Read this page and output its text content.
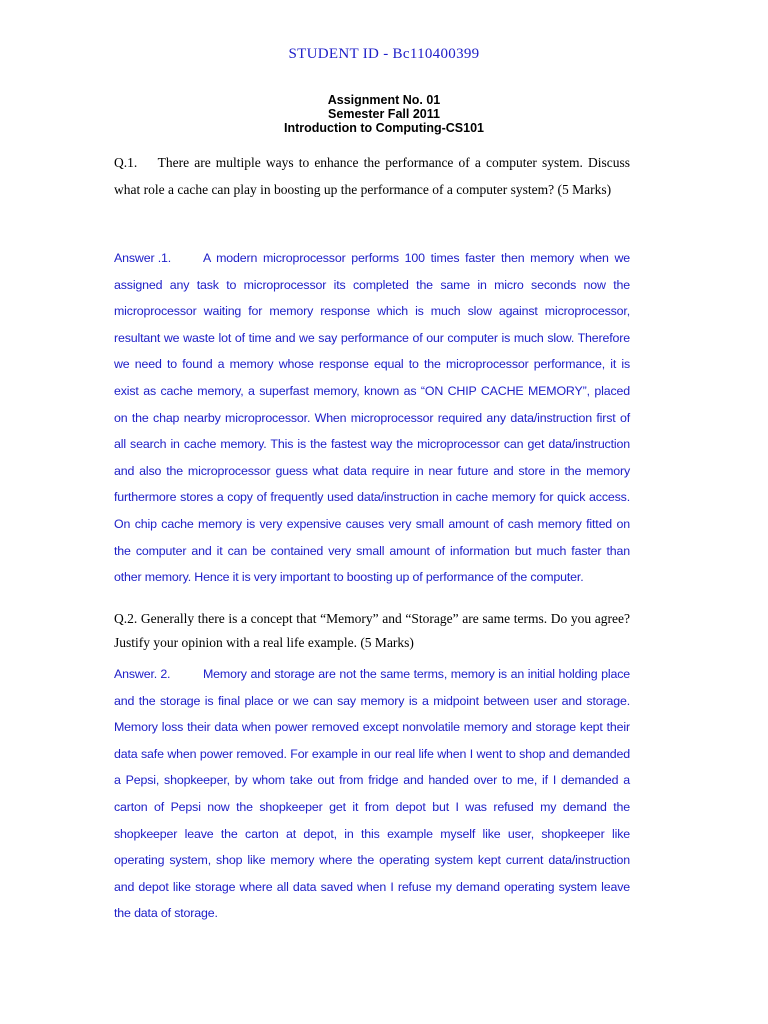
STUDENT ID - Bc110400399
Assignment No. 01
Semester Fall 2011
Introduction to Computing-CS101
Q.1. There are multiple ways to enhance the performance of a computer system. Discuss what role a cache can play in boosting up the performance of a computer system? (5 Marks)
Answer .1.	A modern microprocessor performs 100 times faster then memory when we assigned any task to microprocessor its completed the same in micro seconds now the microprocessor waiting for memory response which is much slow against microprocessor, resultant we waste lot of time and we say performance of our computer is much slow. Therefore we need to found a memory whose response equal to the microprocessor performance, it is exist as cache memory, a superfast memory, known as “ON CHIP CACHE MEMORY”, placed on the chap nearby microprocessor. When microprocessor required any data/instruction first of all search in cache memory. This is the fastest way the microprocessor can get data/instruction and also the microprocessor guess what data require in near future and store in the memory furthermore stores a copy of frequently used data/instruction in cache memory for quick access. On chip cache memory is very expensive causes very small amount of cash memory fitted on the computer and it can be contained very small amount of information but much faster than other memory. Hence it is very important to boosting up of performance of the computer.
Q.2. Generally there is a concept that “Memory” and “Storage” are same terms. Do you agree? Justify your opinion with a real life example. (5 Marks)
Answer. 2.	Memory and storage are not the same terms, memory is an initial holding place and the storage is final place or we can say memory is a midpoint between user and storage. Memory loss their data when power removed except nonvolatile memory and storage kept their data safe when power removed. For example in our real life when I went to shop and demanded a Pepsi, shopkeeper, by whom take out from fridge and handed over to me, if I demanded a carton of Pepsi now the shopkeeper get it from depot but I was refused my demand the shopkeeper leave the carton at depot, in this example myself like user, shopkeeper like operating system, shop like memory where the operating system kept current data/instruction and depot like storage where all data saved when I refuse my demand operating system leave the data of storage.
